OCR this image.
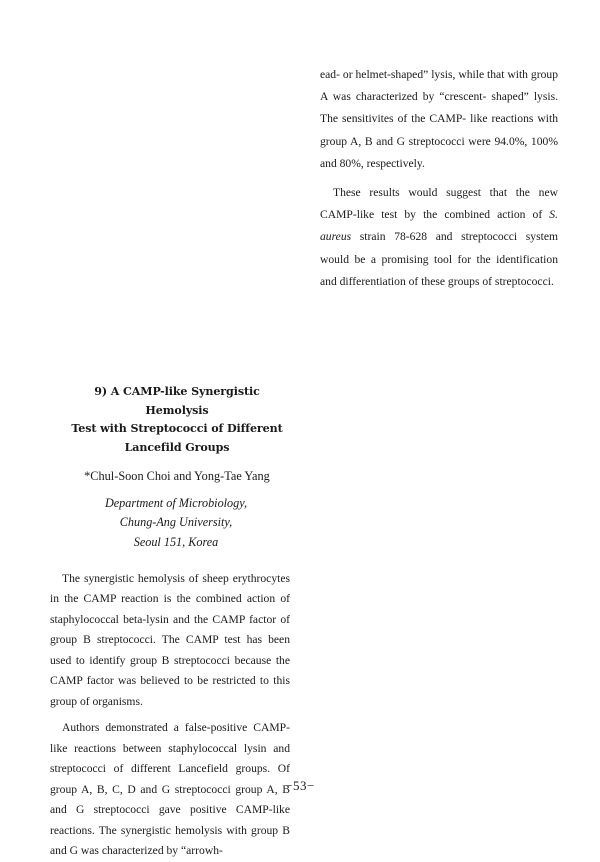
ead- or helmet-shaped” lysis, while that with group A was characterized by “crescent- shaped” lysis. The sensitivites of the CAMP- like reactions with group A, B and G streptococci were 94.0%, 100% and 80%, respectively.

These results would suggest that the new CAMP-like test by the combined action of S. aureus strain 78-628 and streptococci system would be a promising tool for the identification and differentiation of these groups of streptococci.

9) A CAMP-like Synergistic Hemolysis
Test with Streptococci of Different
Lancefild Groups
*Chul-Soon Choi and Yong-Tae Yang
Department of Microbiology,
Chung-Ang University,
Seoul 151, Korea

The synergistic hemolysis of sheep erythrocytes in the CAMP reaction is the combined action of staphylococcal beta-lysin and the CAMP factor of group B streptococci. The CAMP test has been used to identify group B streptococci because the CAMP factor was believed to be restricted to this group of organisms.

Authors demonstrated a false-positive CAMP-like reactions between staphylococcal lysin and streptococci of different Lancefield groups. Of group A, B, C, D and G streptococci group A, B and G streptococci gave positive CAMP-like reactions. The synergistic hemolysis with group B and G was characterized by “arrowh-

−53−
